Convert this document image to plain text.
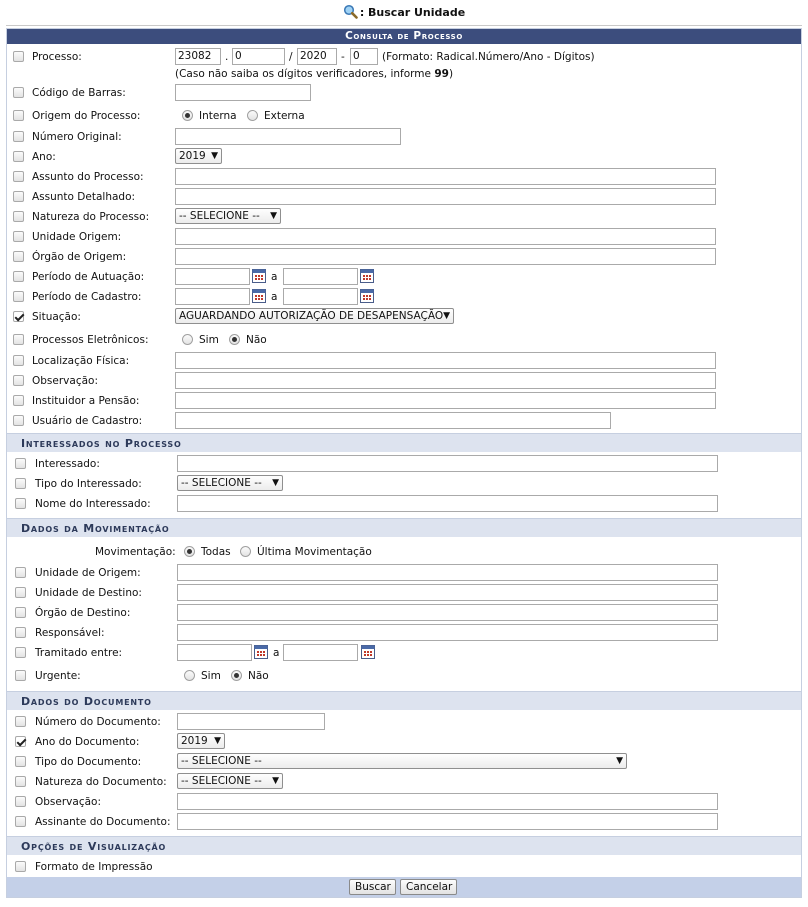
: Buscar Unidade
Consulta de Processo
Processo:	23082	. 0	/ 2020	- 0	(Formato: Radical.Número/Ano - Dígitos)
(Caso não saiba os dígitos verificadores, informe 99)
Código de Barras:
Origem do Processo:	Interna	Externa
Número Original:
Ano:	2019 ▼
Assunto do Processo:
Assunto Detalhado:
Natureza do Processo:	-- SELECIONE -- ▼
Unidade Origem:
Órgão de Origem:
Período de Autuação:	a
Período de Cadastro:	a
Situação:	AGUARDANDO AUTORIZAÇÃO DE DESAPENSAÇÃO ▼
Processos Eletrônicos:	Sim	Não
Localização Física:
Observação:
Instituidor a Pensão:
Usuário de Cadastro:
Interessados no Processo
Interessado:
Tipo do Interessado:	-- SELECIONE -- ▼
Nome do Interessado:
Dados da Movimentação
Movimentação: Todas	Última Movimentação
Unidade de Origem:
Unidade de Destino:
Órgão de Destino:
Responsável:
Tramitado entre:	a
Urgente:	Sim	Não
Dados do Documento
Número do Documento:
Ano do Documento:	2019 ▼
Tipo do Documento:	-- SELECIONE --	▼
Natureza do Documento:	-- SELECIONE -- ▼
Observação:
Assinante do Documento:
Opções de Visualização
Formato de Impressão
Buscar	Cancelar
